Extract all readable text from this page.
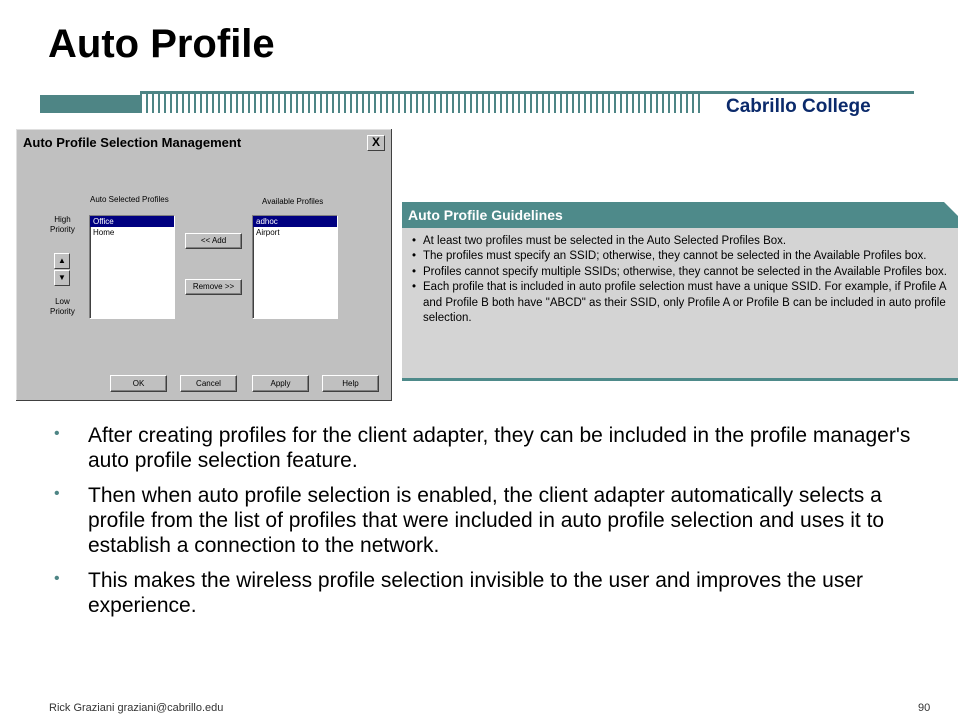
Auto Profile
Cabrillo College
Auto Profile Selection Management	X
Auto Selected Profiles	Available Profiles
High
Priority
Low
Priority
▲
▼
Office
Home
adhoc
Airport
<< Add
Remove >>
OK	Cancel	Apply	Help
Auto Profile Guidelines
• At least two profiles must be selected in the Auto Selected Profiles Box.
• The profiles must specify an SSID; otherwise, they cannot be selected in the Available Profiles box.
• Profiles cannot specify multiple SSIDs; otherwise, they cannot be selected in the Available Profiles box.
• Each profile that is included in auto profile selection must have a unique SSID. For example, if Profile A and Profile B both have "ABCD" as their SSID, only Profile A or Profile B can be included in auto profile selection.
• After creating profiles for the client adapter, they can be included in the profile manager's auto profile selection feature.
• Then when auto profile selection is enabled, the client adapter automatically selects a profile from the list of profiles that were included in auto profile selection and uses it to establish a connection to the network.
• This makes the wireless profile selection invisible to the user and improves the user experience.
Rick Graziani graziani@cabrillo.edu	90
